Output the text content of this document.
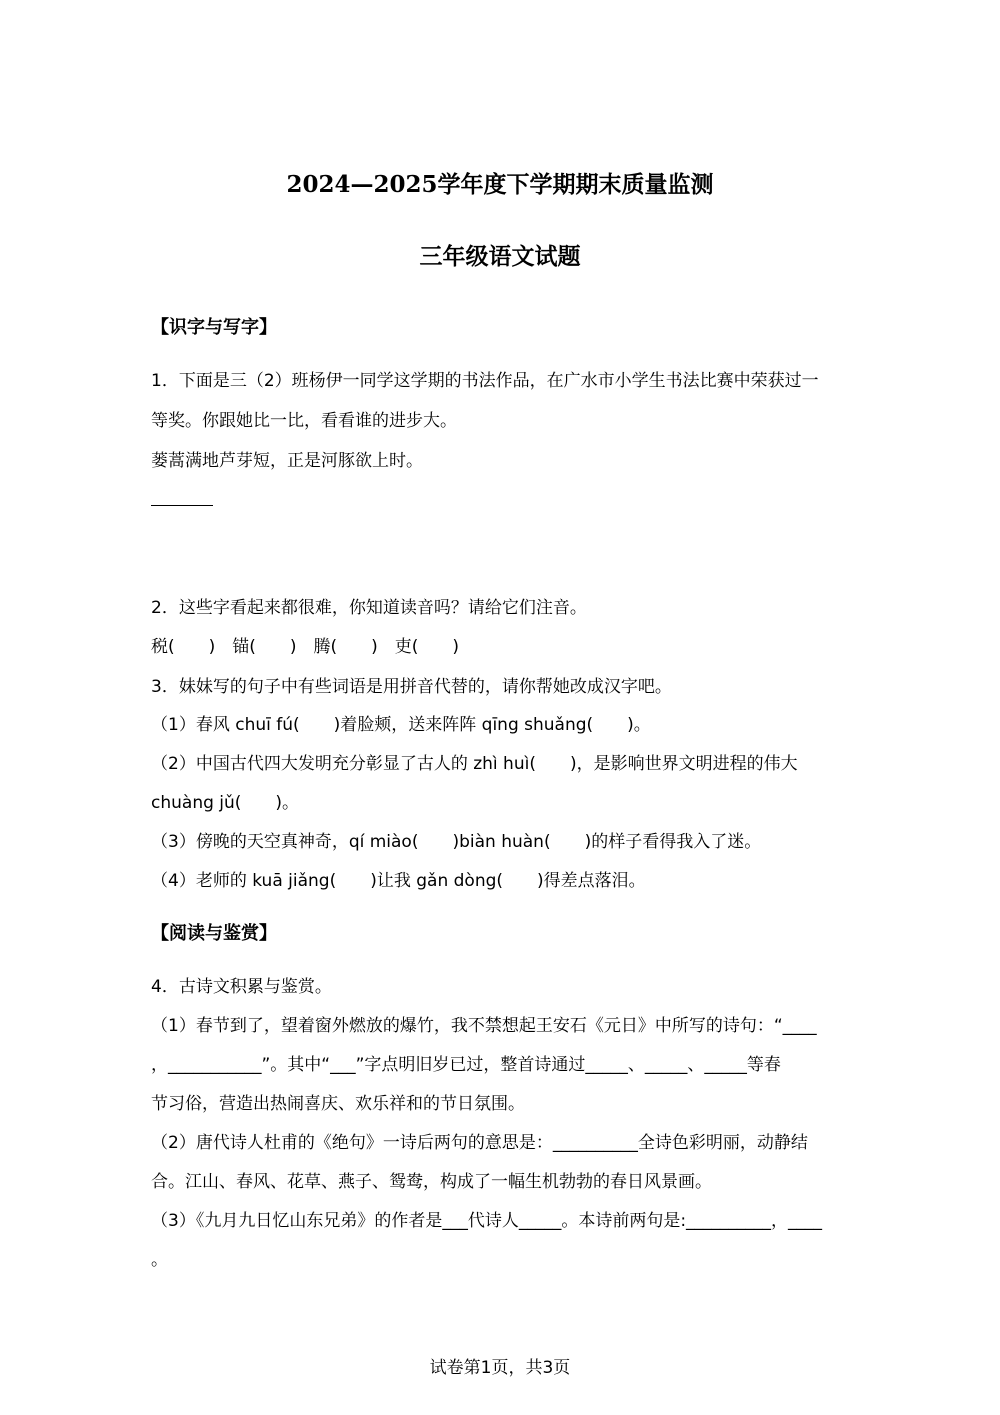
2024—2025学年度下学期期末质量监测
三年级语文试题
【识字与写字】
1．下面是三（2）班杨伊一同学这学期的书法作品，在广水市小学生书法比赛中荣获过一
等奖。你跟她比一比，看看谁的进步大。
蒌蒿满地芦芽短，正是河豚欲上时。
2．这些字看起来都很难，你知道读音吗？请给它们注音。
税(　　)　锚(　　)　腾(　　)　吏(　　)
3．妹妹写的句子中有些词语是用拼音代替的，请你帮她改成汉字吧。
（1）春风 chuī fú(　　)着脸颊，送来阵阵 qīng shuǎng(　　)。
（2）中国古代四大发明充分彰显了古人的 zhì huì(　　)，是影响世界文明进程的伟大
chuàng jǔ(　　)。
（3）傍晚的天空真神奇，qí miào(　　)biàn huàn(　　)的样子看得我入了迷。
（4）老师的 kuā jiǎng(　　)让我 gǎn dòng(　　)得差点落泪。
【阅读与鉴赏】
4．古诗文积累与鉴赏。
（1）春节到了，望着窗外燃放的爆竹，我不禁想起王安石《元日》中所写的诗句：“____
，___________”。其中“___”字点明旧岁已过，整首诗通过_____、_____、_____等春
节习俗，营造出热闹喜庆、欢乐祥和的节日氛围。
（2）唐代诗人杜甫的《绝句》一诗后两句的意思是：__________全诗色彩明丽，动静结
合。江山、春风、花草、燕子、鸳鸯，构成了一幅生机勃勃的春日风景画。
（3）《九月九日忆山东兄弟》的作者是___代诗人_____。本诗前两句是:__________，____
。
试卷第1页，共3页
